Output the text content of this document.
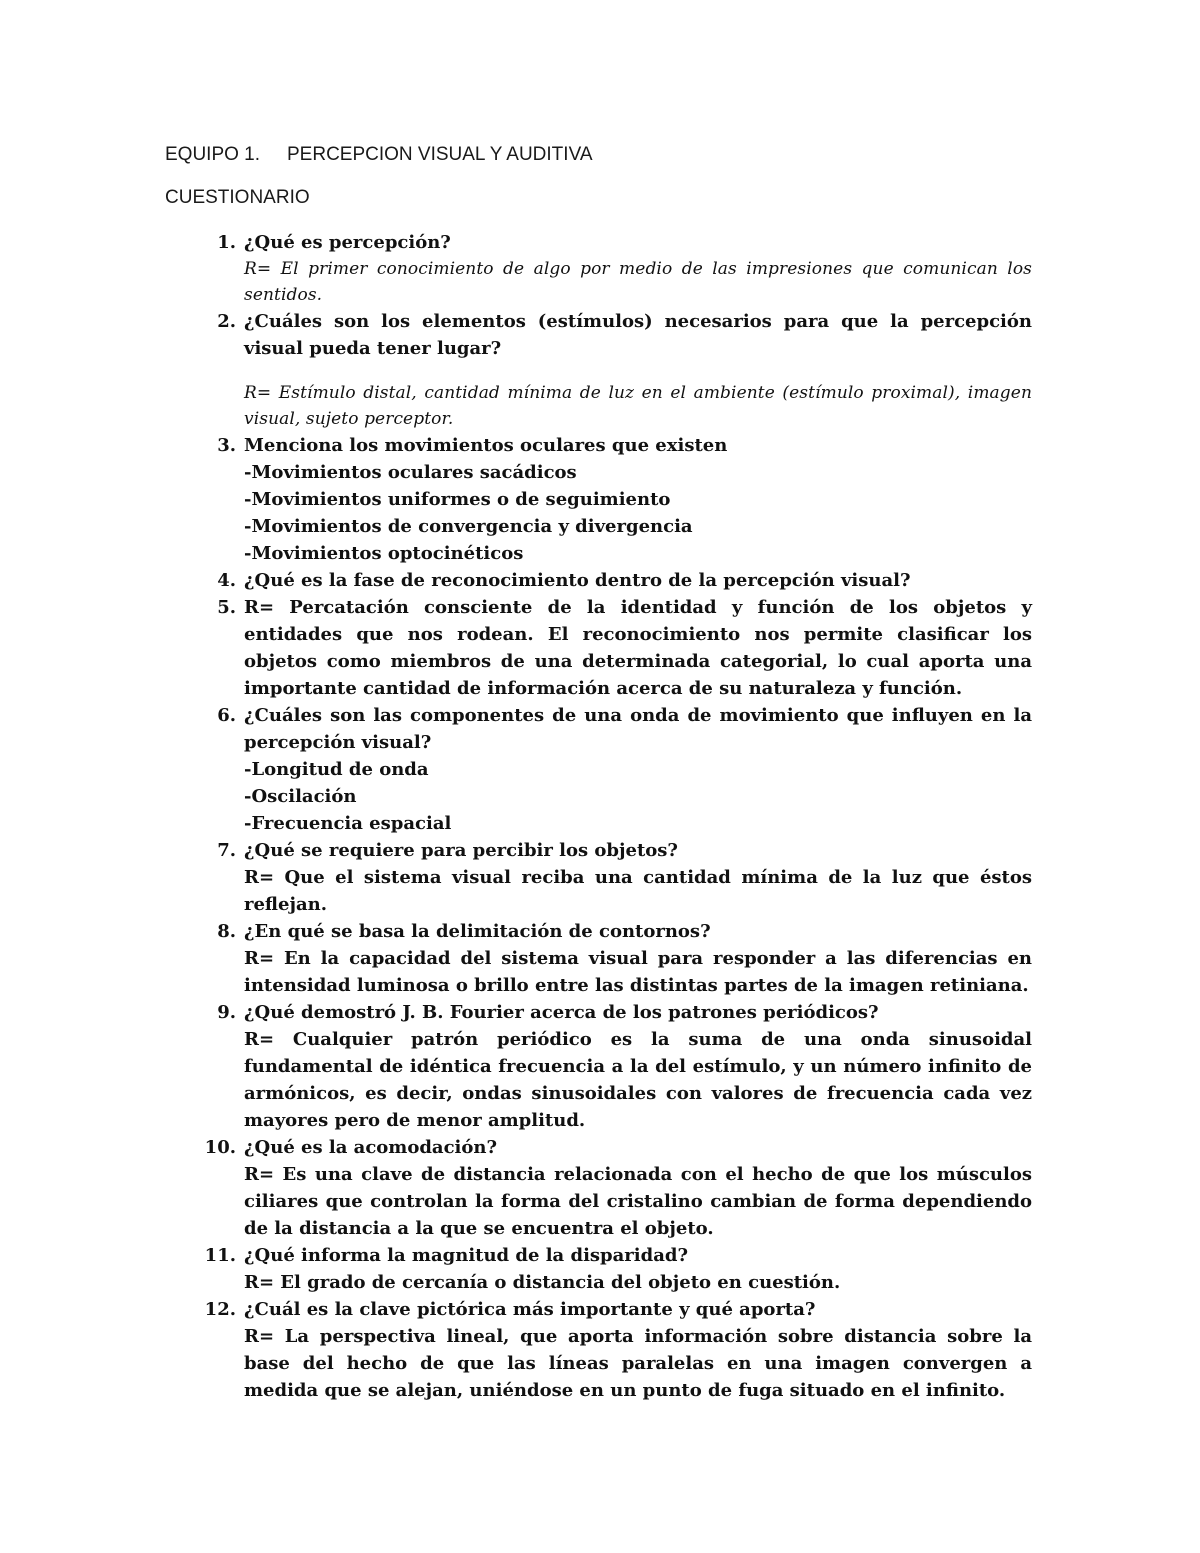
EQUIPO 1. PERCEPCION VISUAL Y AUDITIVA
CUESTIONARIO
1. ¿Qué es percepción?
R= El primer conocimiento de algo por medio de las impresiones que comunican los sentidos.
2. ¿Cuáles son los elementos (estímulos) necesarios para que la percepción visual pueda tener lugar?
R= Estímulo distal, cantidad mínima de luz en el ambiente (estímulo proximal), imagen visual, sujeto perceptor.
3. Menciona los movimientos oculares que existen
-Movimientos oculares sacádicos
-Movimientos uniformes o de seguimiento
-Movimientos de convergencia y divergencia
-Movimientos optocinéticos
4. ¿Qué es la fase de reconocimiento dentro de la percepción visual?
5. R= Percatación consciente de la identidad y función de los objetos y entidades que nos rodean. El reconocimiento nos permite clasificar los objetos como miembros de una determinada categorial, lo cual aporta una importante cantidad de información acerca de su naturaleza y función.
6. ¿Cuáles son las componentes de una onda de movimiento que influyen en la percepción visual?
-Longitud de onda
-Oscilación
-Frecuencia espacial
7. ¿Qué se requiere para percibir los objetos?
R= Que el sistema visual reciba una cantidad mínima de la luz que éstos reflejan.
8. ¿En qué se basa la delimitación de contornos?
R= En la capacidad del sistema visual para responder a las diferencias en intensidad luminosa o brillo entre las distintas partes de la imagen retiniana.
9. ¿Qué demostró J. B. Fourier acerca de los patrones periódicos?
R= Cualquier patrón periódico es la suma de una onda sinusoidal fundamental de idéntica frecuencia a la del estímulo, y un número infinito de armónicos, es decir, ondas sinusoidales con valores de frecuencia cada vez mayores pero de menor amplitud.
10. ¿Qué es la acomodación?
R= Es una clave de distancia relacionada con el hecho de que los músculos ciliares que controlan la forma del cristalino cambian de forma dependiendo de la distancia a la que se encuentra el objeto.
11. ¿Qué informa la magnitud de la disparidad?
R= El grado de cercanía o distancia del objeto en cuestión.
12. ¿Cuál es la clave pictórica más importante y qué aporta?
R= La perspectiva lineal, que aporta información sobre distancia sobre la base del hecho de que las líneas paralelas en una imagen convergen a medida que se alejan, uniéndose en un punto de fuga situado en el infinito.
